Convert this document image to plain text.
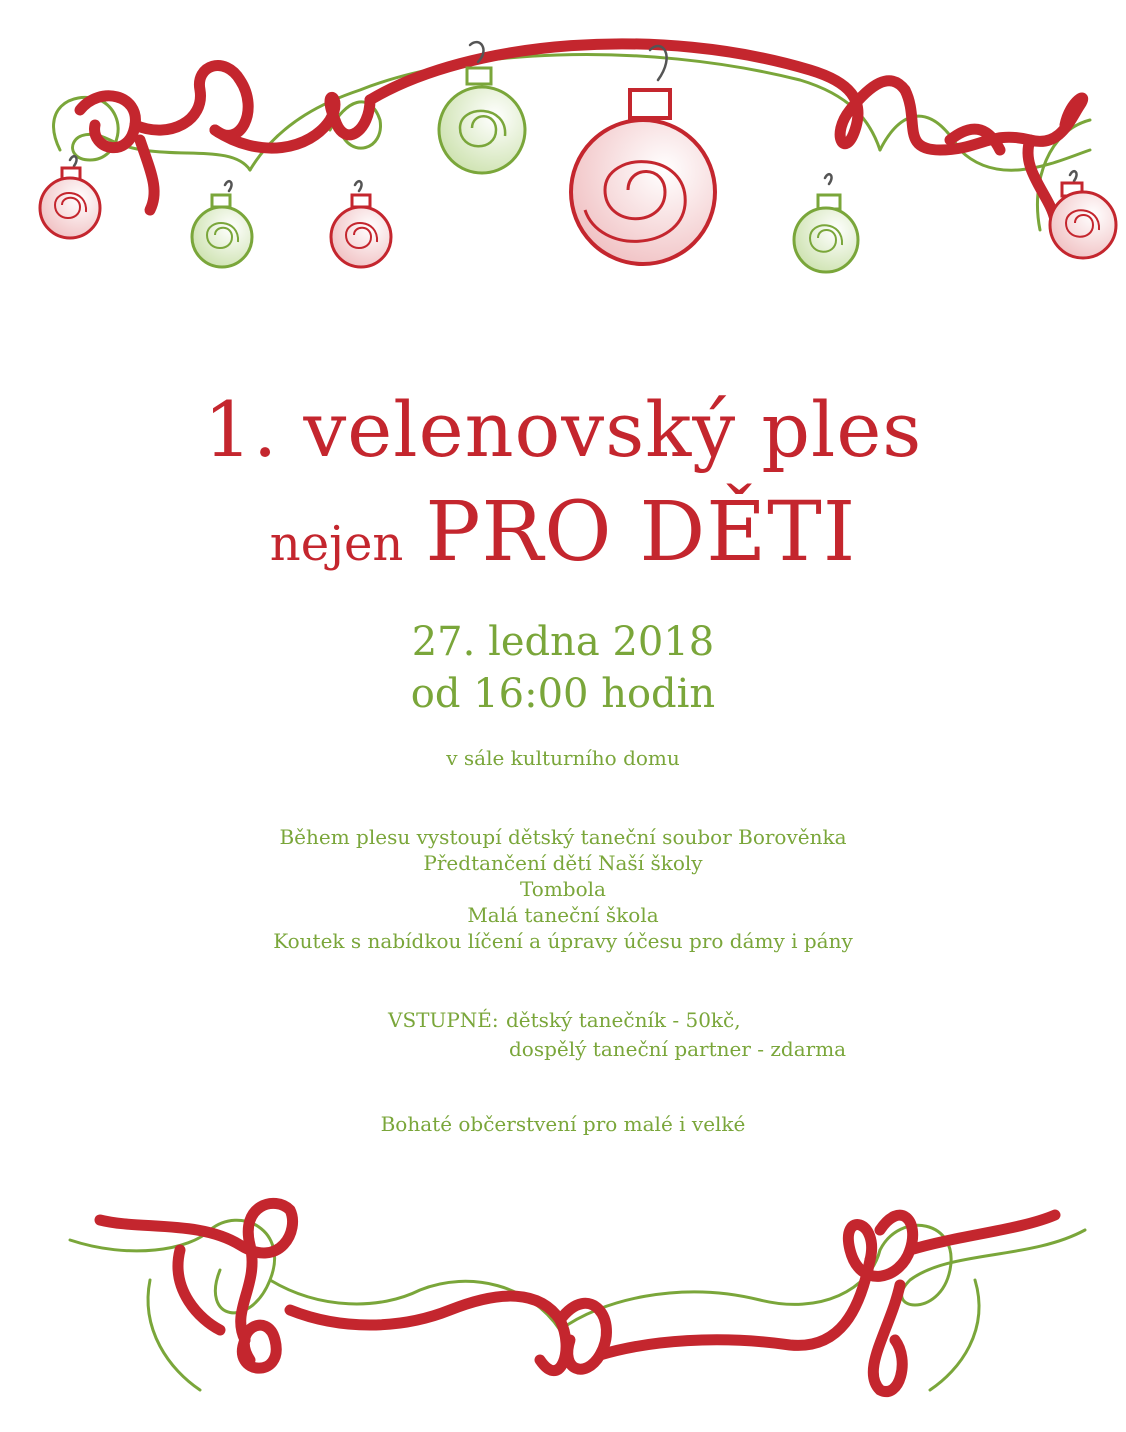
1. velenovský ples
nejen PRO DĚTI
27. ledna 2018
od 16:00 hodin
v sále kulturního domu
Během plesu vystoupí dětský taneční soubor Borověnka
Předtančení dětí Naší školy
Tombola
Malá taneční škola
Koutek s nabídkou líčení a úpravy účesu pro dámy i pány
VSTUPNÉ: dětský tanečník - 50kč,
dospělý taneční partner - zdarma
Bohaté občerstvení pro malé i velké
